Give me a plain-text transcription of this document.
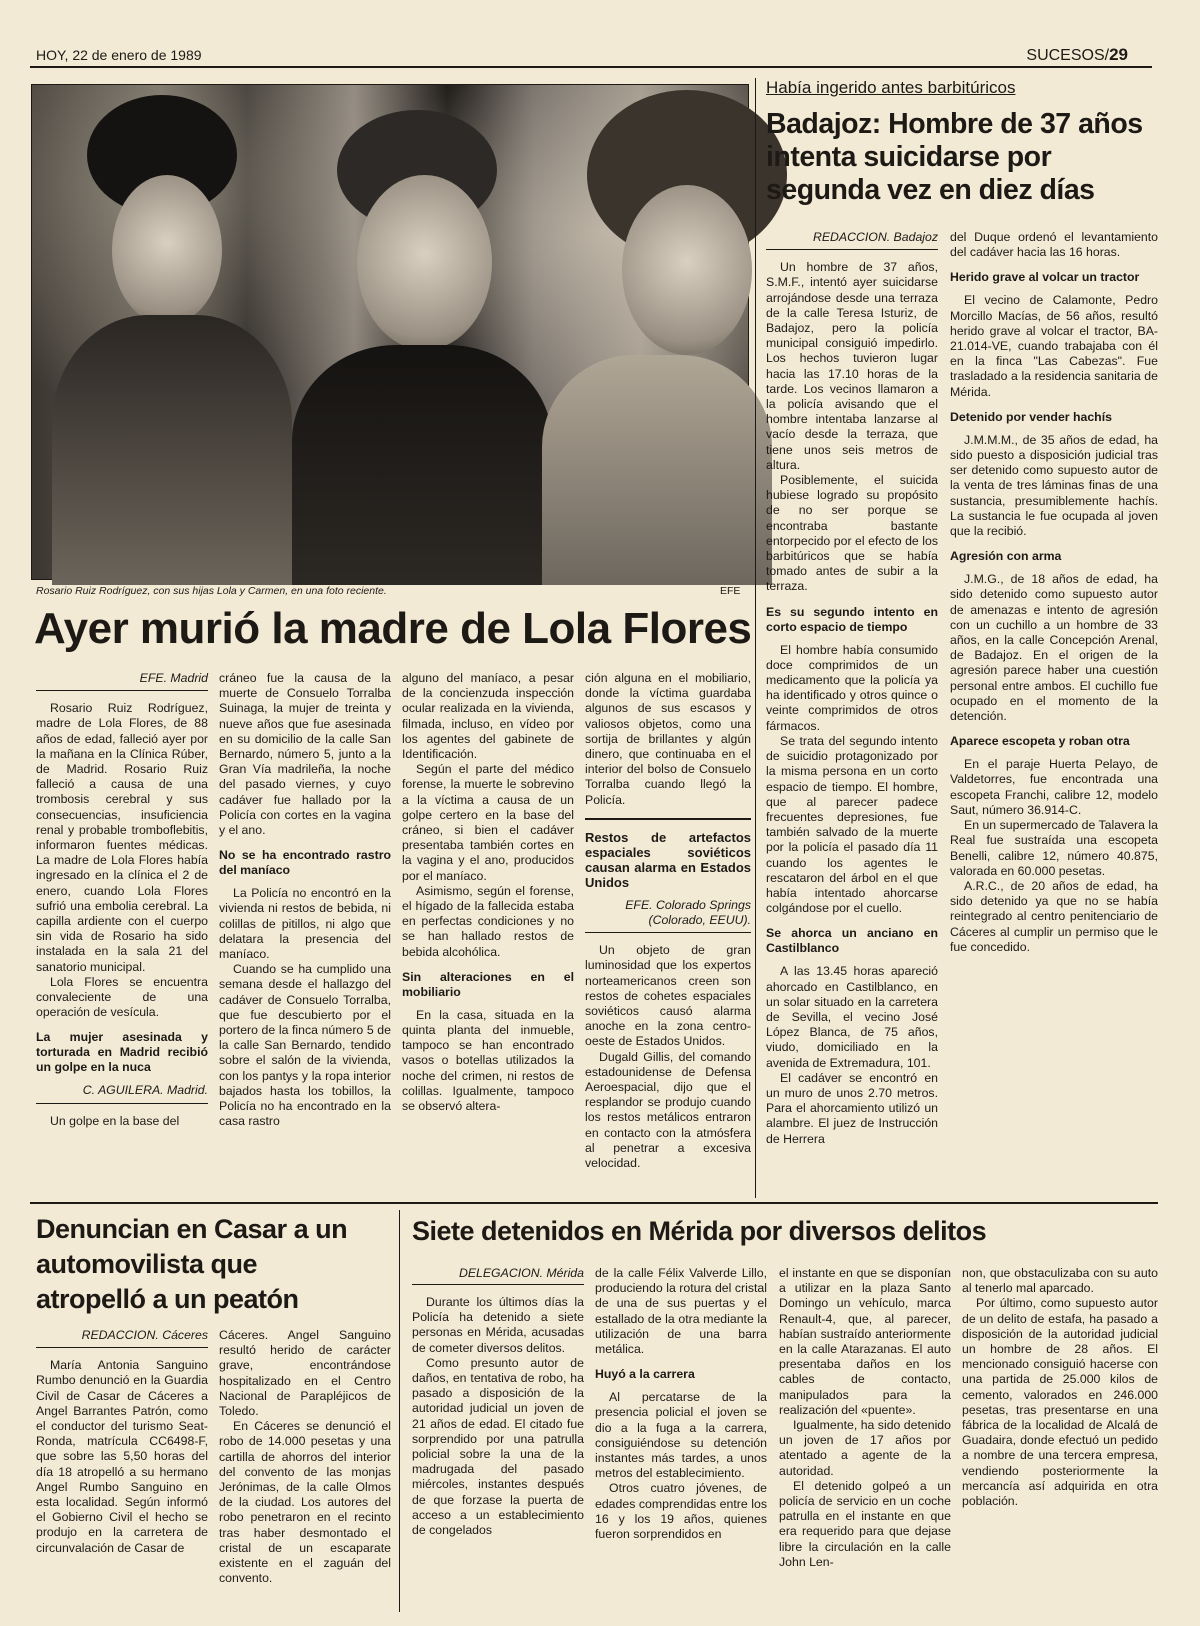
HOY, 22 de enero de 1989	SUCESOS/29
Rosario Ruiz Rodríguez, con sus hijas Lola y Carmen, en una foto reciente.	EFE
Ayer murió la madre de Lola Flores

EFE. Madrid

Rosario Ruiz Rodríguez, madre de Lola Flores, de 88 años de edad, falleció ayer por la mañana en la Clínica Rúber, de Madrid. Rosario Ruiz falleció a causa de una trombosis cerebral y sus consecuencias, insuficiencia renal y probable tromboflebitis, informaron fuentes médicas. La madre de Lola Flores había ingresado en la clínica el 2 de enero, cuando Lola Flores sufrió una embolia cerebral. La capilla ardiente con el cuerpo sin vida de Rosario ha sido instalada en la sala 21 del sanatorio municipal.

Lola Flores se encuentra convaleciente de una operación de vesícula.

La mujer asesinada y torturada en Madrid recibió un golpe en la nuca

C. AGUILERA. Madrid.

Un golpe en la base del

cráneo fue la causa de la muerte de Consuelo Torralba Suinaga, la mujer de treinta y nueve años que fue asesinada en su domicilio de la calle San Bernardo, número 5, junto a la Gran Vía madrileña, la noche del pasado viernes, y cuyo cadáver fue hallado por la Policía con cortes en la vagina y el ano.

No se ha encontrado rastro del maníaco

La Policía no encontró en la vivienda ni restos de bebida, ni colillas de pitillos, ni algo que delatara la presencia del maníaco.

Cuando se ha cumplido una semana desde el hallazgo del cadáver de Consuelo Torralba, que fue descubierto por el portero de la finca número 5 de la calle San Bernardo, tendido sobre el salón de la vivienda, con los pantys y la ropa interior bajados hasta los tobillos, la Policía no ha encontrado en la casa rastro

alguno del maníaco, a pesar de la concienzuda inspección ocular realizada en la vivienda, filmada, incluso, en vídeo por los agentes del gabinete de Identificación.

Según el parte del médico forense, la muerte le sobrevino a la víctima a causa de un golpe certero en la base del cráneo, si bien el cadáver presentaba también cortes en la vagina y el ano, producidos por el maníaco.

Asimismo, según el forense, el hígado de la fallecida estaba en perfectas condiciones y no se han hallado restos de bebida alcohólica.

Sin alteraciones en el mobiliario

En la casa, situada en la quinta planta del inmueble, tampoco se han encontrado vasos o botellas utilizados la noche del crimen, ni restos de colillas. Igualmente, tampoco se observó altera-

ción alguna en el mobiliario, donde la víctima guardaba algunos de sus escasos y valiosos objetos, como una sortija de brillantes y algún dinero, que continuaba en el interior del bolso de Consuelo Torralba cuando llegó la Policía.

Restos de artefactos espaciales soviéticos causan alarma en Estados Unidos

EFE. Colorado Springs (Colorado, EEUU).

Un objeto de gran luminosidad que los expertos norteamericanos creen son restos de cohetes espaciales soviéticos causó alarma anoche en la zona centro-oeste de Estados Unidos.

Dugald Gillis, del comando estadounidense de Defensa Aeroespacial, dijo que el resplandor se produjo cuando los restos metálicos entraron en contacto con la atmósfera al penetrar a excesiva velocidad.

Había ingerido antes barbitúricos
Badajoz: Hombre de 37 años intenta suicidarse por segunda vez en diez días

REDACCION. Badajoz

Un hombre de 37 años, S.M.F., intentó ayer suicidarse arrojándose desde una terraza de la calle Teresa Isturiz, de Badajoz, pero la policía municipal consiguió impedirlo. Los hechos tuvieron lugar hacia las 17.10 horas de la tarde. Los vecinos llamaron a la policía avisando que el hombre intentaba lanzarse al vacío desde la terraza, que tiene unos seis metros de altura.

Posiblemente, el suicida hubiese logrado su propósito de no ser porque se encontraba bastante entorpecido por el efecto de los barbitúricos que se había tomado antes de subir a la terraza.

Es su segundo intento en corto espacio de tiempo

El hombre había consumido doce comprimidos de un medicamento que la policía ya ha identificado y otros quince o veinte comprimidos de otros fármacos.

Se trata del segundo intento de suicidio protagonizado por la misma persona en un corto espacio de tiempo. El hombre, que al parecer padece frecuentes depresiones, fue también salvado de la muerte por la policía el pasado día 11 cuando los agentes le rescataron del árbol en el que había intentado ahorcarse colgándose por el cuello.

Se ahorca un anciano en Castilblanco

A las 13.45 horas apareció ahorcado en Castilblanco, en un solar situado en la carretera de Sevilla, el vecino José López Blanca, de 75 años, viudo, domiciliado en la avenida de Extremadura, 101.

El cadáver se encontró en un muro de unos 2.70 metros. Para el ahorcamiento utilizó un alambre. El juez de Instrucción de Herrera

del Duque ordenó el levantamiento del cadáver hacia las 16 horas.

Herido grave al volcar un tractor

El vecino de Calamonte, Pedro Morcillo Macías, de 56 años, resultó herido grave al volcar el tractor, BA-21.014-VE, cuando trabajaba con él en la finca "Las Cabezas". Fue trasladado a la residencia sanitaria de Mérida.

Detenido por vender hachís

J.M.M.M., de 35 años de edad, ha sido puesto a disposición judicial tras ser detenido como supuesto autor de la venta de tres láminas finas de una sustancia, presumiblemente hachís. La sustancia le fue ocupada al joven que la recibió.

Agresión con arma

J.M.G., de 18 años de edad, ha sido detenido como supuesto autor de amenazas e intento de agresión con un cuchillo a un hombre de 33 años, en la calle Concepción Arenal, de Badajoz. En el origen de la agresión parece haber una cuestión personal entre ambos. El cuchillo fue ocupado en el momento de la detención.

Aparece escopeta y roban otra

En el paraje Huerta Pelayo, de Valdetorres, fue encontrada una escopeta Franchi, calibre 12, modelo Saut, número 36.914-C.

En un supermercado de Talavera la Real fue sustraída una escopeta Benelli, calibre 12, número 40.875, valorada en 60.000 pesetas.

A.R.C., de 20 años de edad, ha sido detenido ya que no se había reintegrado al centro penitenciario de Cáceres al cumplir un permiso que le fue concedido.

Denuncian en Casar a un automovilista que atropelló a un peatón

REDACCION. Cáceres

María Antonia Sanguino Rumbo denunció en la Guardia Civil de Casar de Cáceres a Angel Barrantes Patrón, como el conductor del turismo Seat-Ronda, matrícula CC6498-F, que sobre las 5,50 horas del día 18 atropelló a su hermano Angel Rumbo Sanguino en esta localidad. Según informó el Gobierno Civil el hecho se produjo en la carretera de circunvalación de Casar de

Cáceres. Angel Sanguino resultó herido de carácter grave, encontrándose hospitalizado en el Centro Nacional de Parapléjicos de Toledo.

En Cáceres se denunció el robo de 14.000 pesetas y una cartilla de ahorros del interior del convento de las monjas Jerónimas, de la calle Olmos de la ciudad. Los autores del robo penetraron en el recinto tras haber desmontado el cristal de un escaparate existente en el zaguán del convento.

Siete detenidos en Mérida por diversos delitos

DELEGACION. Mérida

Durante los últimos días la Policía ha detenido a siete personas en Mérida, acusadas de cometer diversos delitos.

Como presunto autor de daños, en tentativa de robo, ha pasado a disposición de la autoridad judicial un joven de 21 años de edad. El citado fue sorprendido por una patrulla policial sobre la una de la madrugada del pasado miércoles, instantes después de que forzase la puerta de acceso a un establecimiento de congelados

de la calle Félix Valverde Lillo, produciendo la rotura del cristal de una de sus puertas y el estallado de la otra mediante la utilización de una barra metálica.

Huyó a la carrera

Al percatarse de la presencia policial el joven se dio a la fuga a la carrera, consiguiéndose su detención instantes más tardes, a unos metros del establecimiento.

Otros cuatro jóvenes, de edades comprendidas entre los 16 y los 19 años, quienes fueron sorprendidos en

el instante en que se disponían a utilizar en la plaza Santo Domingo un vehículo, marca Renault-4, que, al parecer, habían sustraído anteriormente en la calle Atarazanas. El auto presentaba daños en los cables de contacto, manipulados para la realización del «puente».

Igualmente, ha sido detenido un joven de 17 años por atentado a agente de la autoridad.

El detenido golpeó a un policía de servicio en un coche patrulla en el instante en que era requerido para que dejase libre la circulación en la calle John Len-

non, que obstaculizaba con su auto al tenerlo mal aparcado.

Por último, como supuesto autor de un delito de estafa, ha pasado a disposición de la autoridad judicial un hombre de 28 años. El mencionado consiguió hacerse con una partida de 25.000 kilos de cemento, valorados en 246.000 pesetas, tras presentarse en una fábrica de la localidad de Alcalá de Guadaira, donde efectuó un pedido a nombre de una tercera empresa, vendiendo posteriormente la mercancía así adquirida en otra población.
